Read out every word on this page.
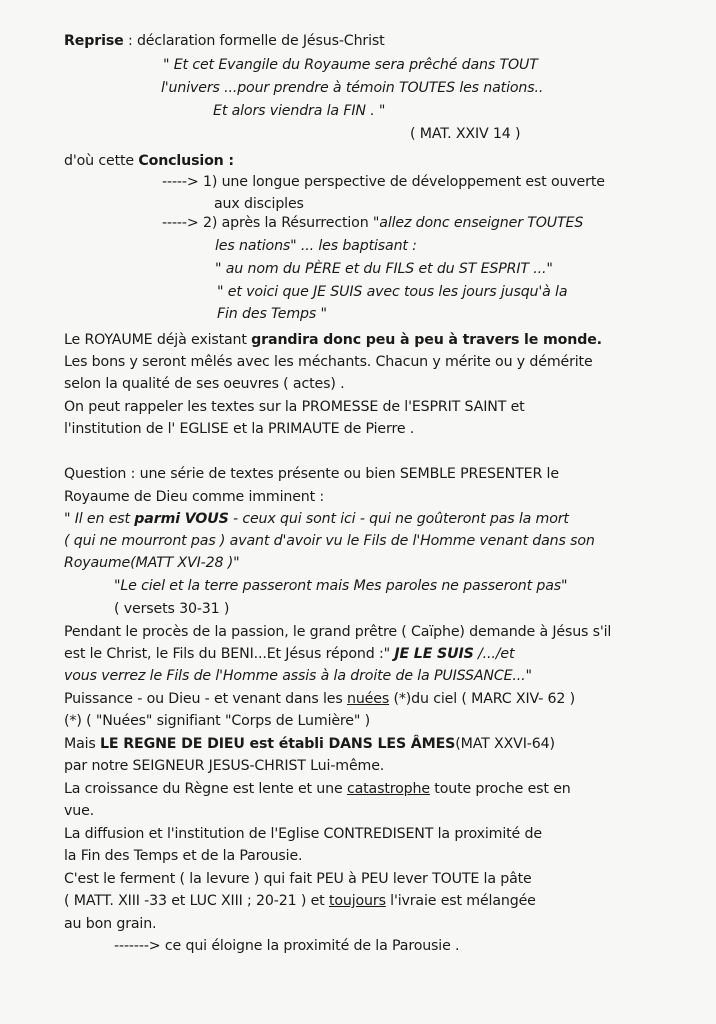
Reprise : déclaration formelle de Jésus-Christ
" Et cet Evangile du Royaume sera prêché dans TOUT
l'univers ...pour prendre à témoin TOUTES les nations..
Et alors viendra la FIN . "
( MAT. XXIV 14 )
d'où cette Conclusion :
-----> 1) une longue perspective de développement est ouverte
aux disciples
-----> 2) après la Résurrection "allez donc enseigner TOUTES
les nations" ... les baptisant :
" au nom du PÈRE et du FILS et du ST ESPRIT ..."
" et voici que JE SUIS avec tous les jours jusqu'à la
Fin des Temps "
Le ROYAUME déjà existant grandira donc peu à peu à travers le monde.
Les bons y seront mêlés avec les méchants. Chacun y mérite ou y démérite
selon la qualité de ses oeuvres ( actes) .
On peut rappeler les textes sur la PROMESSE de l'ESPRIT SAINT et
l'institution de l' EGLISE et la PRIMAUTE de Pierre .
Question : une série de textes présente ou bien SEMBLE PRESENTER le
Royaume de Dieu comme imminent :
" Il en est parmi VOUS - ceux qui sont ici - qui ne goûteront pas la mort
( qui ne mourront pas ) avant d'avoir vu le Fils de l'Homme venant dans son
Royaume(MATT XVI-28 )"
"Le ciel et la terre passeront mais Mes paroles ne passeront pas"
( versets 30-31 )
Pendant le procès de la passion, le grand prêtre ( Caïphe) demande à Jésus s'il
est le Christ, le Fils du BENI...Et Jésus répond :" JE LE SUIS /.../et
vous verrez le Fils de l'Homme assis à la droite de la PUISSANCE..."
Puissance - ou Dieu - et venant dans les nuées (*)du ciel ( MARC XIV- 62 )
(*) ( "Nuées" signifiant "Corps de Lumière" )
Mais LE REGNE DE DIEU est établi DANS LES ÂMES(MAT XXVI-64)
par notre SEIGNEUR JESUS-CHRIST Lui-même.
La croissance du Règne est lente et une catastrophe toute proche est en
vue.
La diffusion et l'institution de l'Eglise CONTREDISENT la proximité de
la Fin des Temps et de la Parousie.
C'est le ferment ( la levure ) qui fait PEU à PEU lever TOUTE la pâte
( MATT. XIII -33 et LUC XIII ; 20-21 ) et toujours l'ivraie est mélangée
au bon grain.
-------> ce qui éloigne la proximité de la Parousie .
